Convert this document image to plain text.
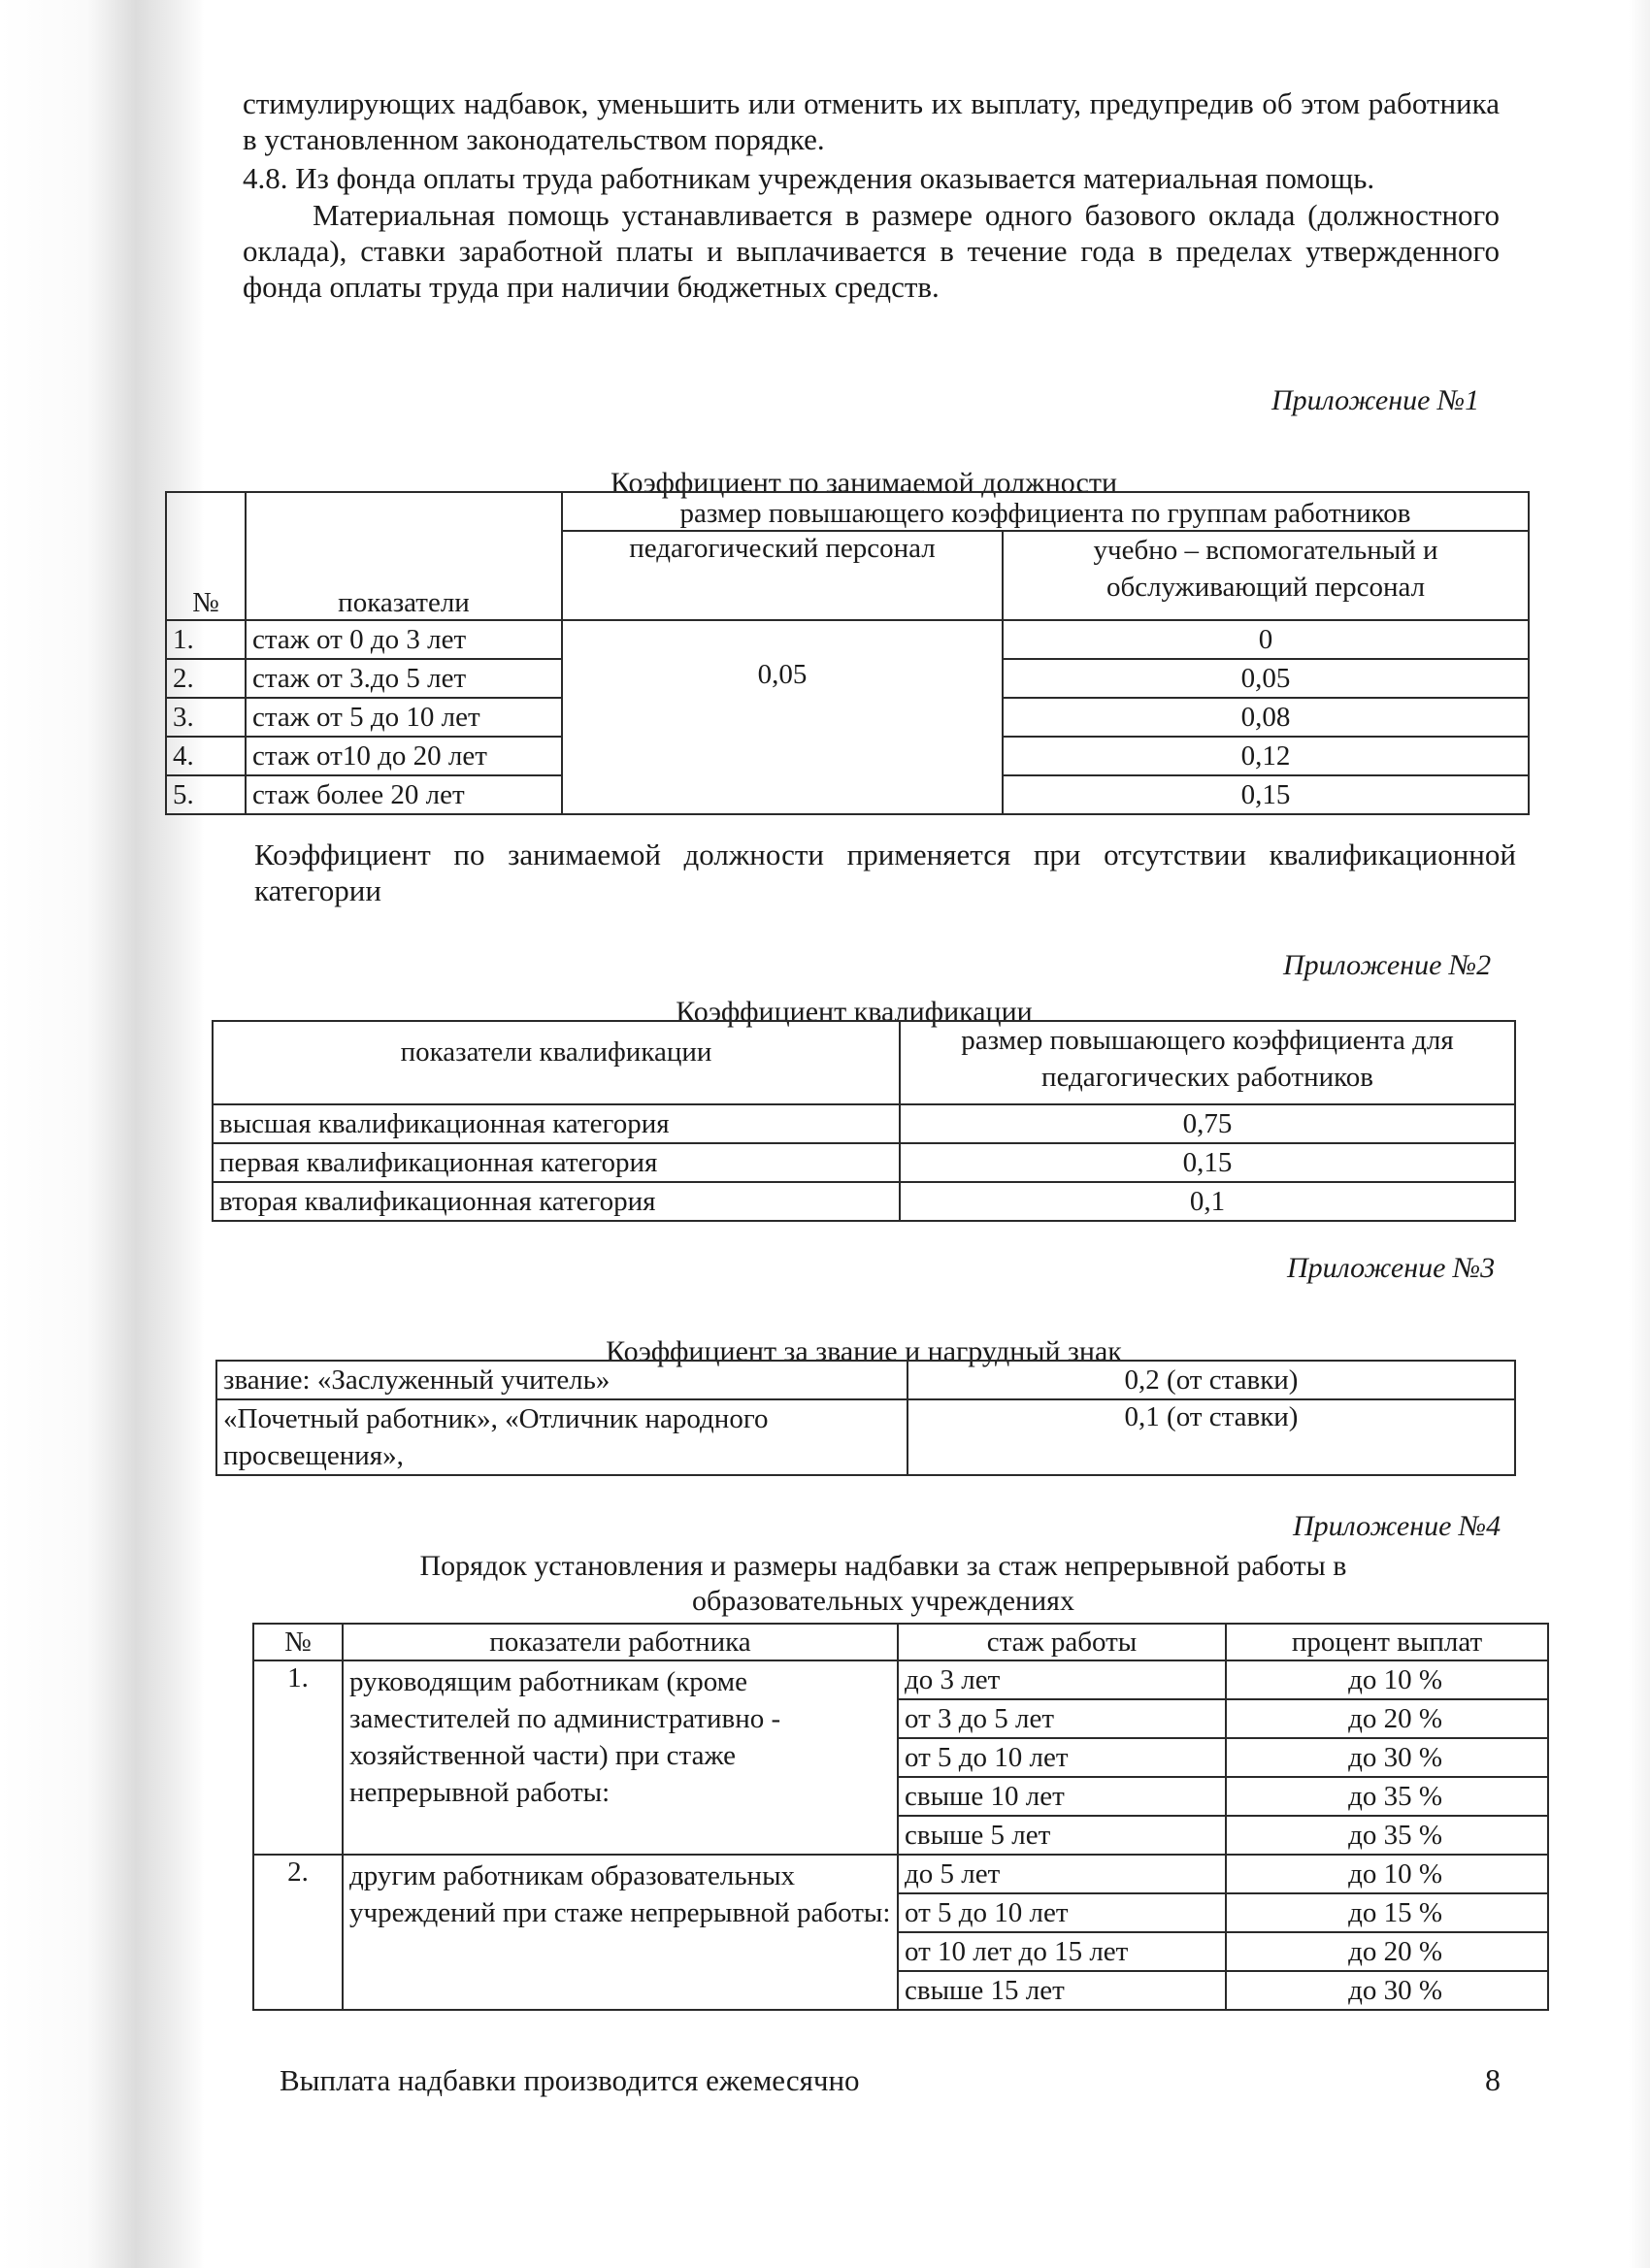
стимулирующих надбавок, уменьшить или отменить их выплату, предупредив об этом работника в установленном законодательством порядке.

4.8. Из фонда оплаты труда работникам учреждения оказывается материальная помощь.

Материальная помощь устанавливается в размере одного базового оклада (должностного оклада), ставки заработной платы и выплачивается в течение года в пределах утвержденного фонда оплаты труда при наличии бюджетных средств.

Приложение №1

Коэффициент по занимаемой должности

№	показатели	размер повышающего коэффициента по группам работников	
		педагогический персонал	учебно – вспомогательный и обслуживающий персонал
1.	стаж от 0 до 3 лет	0,05	0
2.	стаж от 3.до 5 лет		0,05
3.	стаж от 5 до 10 лет		0,08
4.	стаж от10 до 20 лет		0,12
5.	стаж более 20 лет		0,15

Коэффициент по занимаемой должности применяется при отсутствии квалификационной категории

Приложение №2

Коэффициент квалификации

показатели квалификации	размер повышающего коэффициента для педагогических работников
высшая квалификационная категория	0,75
первая квалификационная категория	0,15
вторая квалификационная категория	0,1

Приложение №3

Коэффициент за звание и нагрудный знак

звание: «Заслуженный учитель»	0,2 (от ставки)
«Почетный работник», «Отличник народного просвещения»,	0,1 (от ставки)

Приложение №4

Порядок установления и размеры надбавки за стаж непрерывной работы в образовательных учреждениях

№	показатели работника	стаж работы	процент выплат
1.	руководящим работникам (кроме заместителей по административно - хозяйственной части) при стаже непрерывной работы:	до 3 лет	до 10 %
		от 3 до 5 лет	до 20 %
		от 5 до 10 лет	до 30 %
		свыше 10 лет	до 35 %
		свыше 5 лет	до 35 %
2.	другим работникам образовательных учреждений при стаже непрерывной работы:	до 5 лет	до 10 %
		от 5 до 10 лет	до 15 %
		от 10 лет до 15 лет	до 20 %
		свыше 15 лет	до 30 %

Выплата надбавки производится ежемесячно	8
